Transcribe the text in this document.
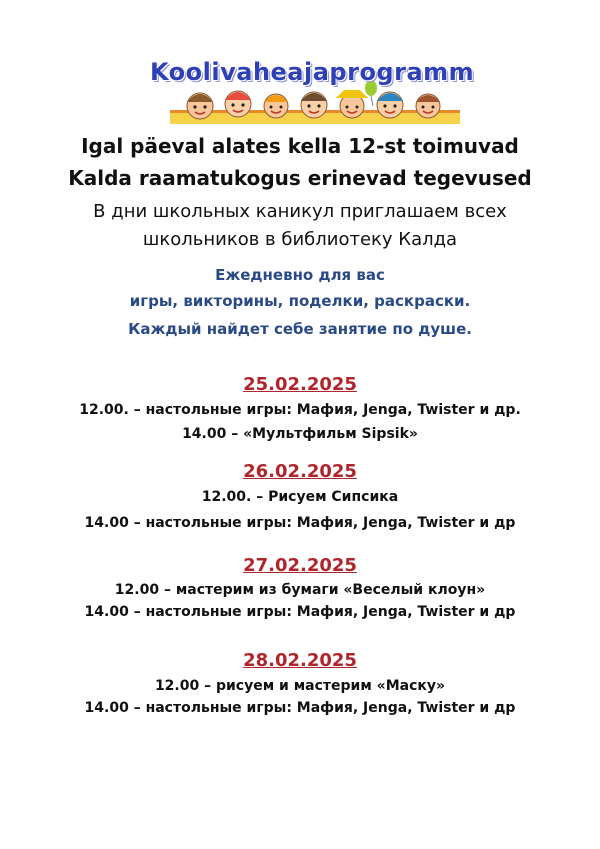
Koolivaheajaprogramm
Igal päeval alates kella 12-st toimuvad
Kalda raamatukogus erinevad tegevused
В дни школьных каникул приглашаем всех
школьников в библиотеку Калда
Ежедневно для вас
игры, викторины, поделки, раскраски.
Каждый найдет себе занятие по душе.
25.02.2025
12.00. – настольные игры: Мафия, Jenga, Twister и др.
14.00 – «Мультфильм Sipsik»
26.02.2025
12.00. – Рисуем Сипсика
14.00 – настольные игры: Мафия, Jenga, Twister и др
27.02.2025
12.00 – мастерим из бумаги «Веселый клоун»
14.00 – настольные игры: Мафия, Jenga, Twister и др
28.02.2025
12.00 – рисуем и мастерим «Маску»
14.00 – настольные игры: Мафия, Jenga, Twister и др
